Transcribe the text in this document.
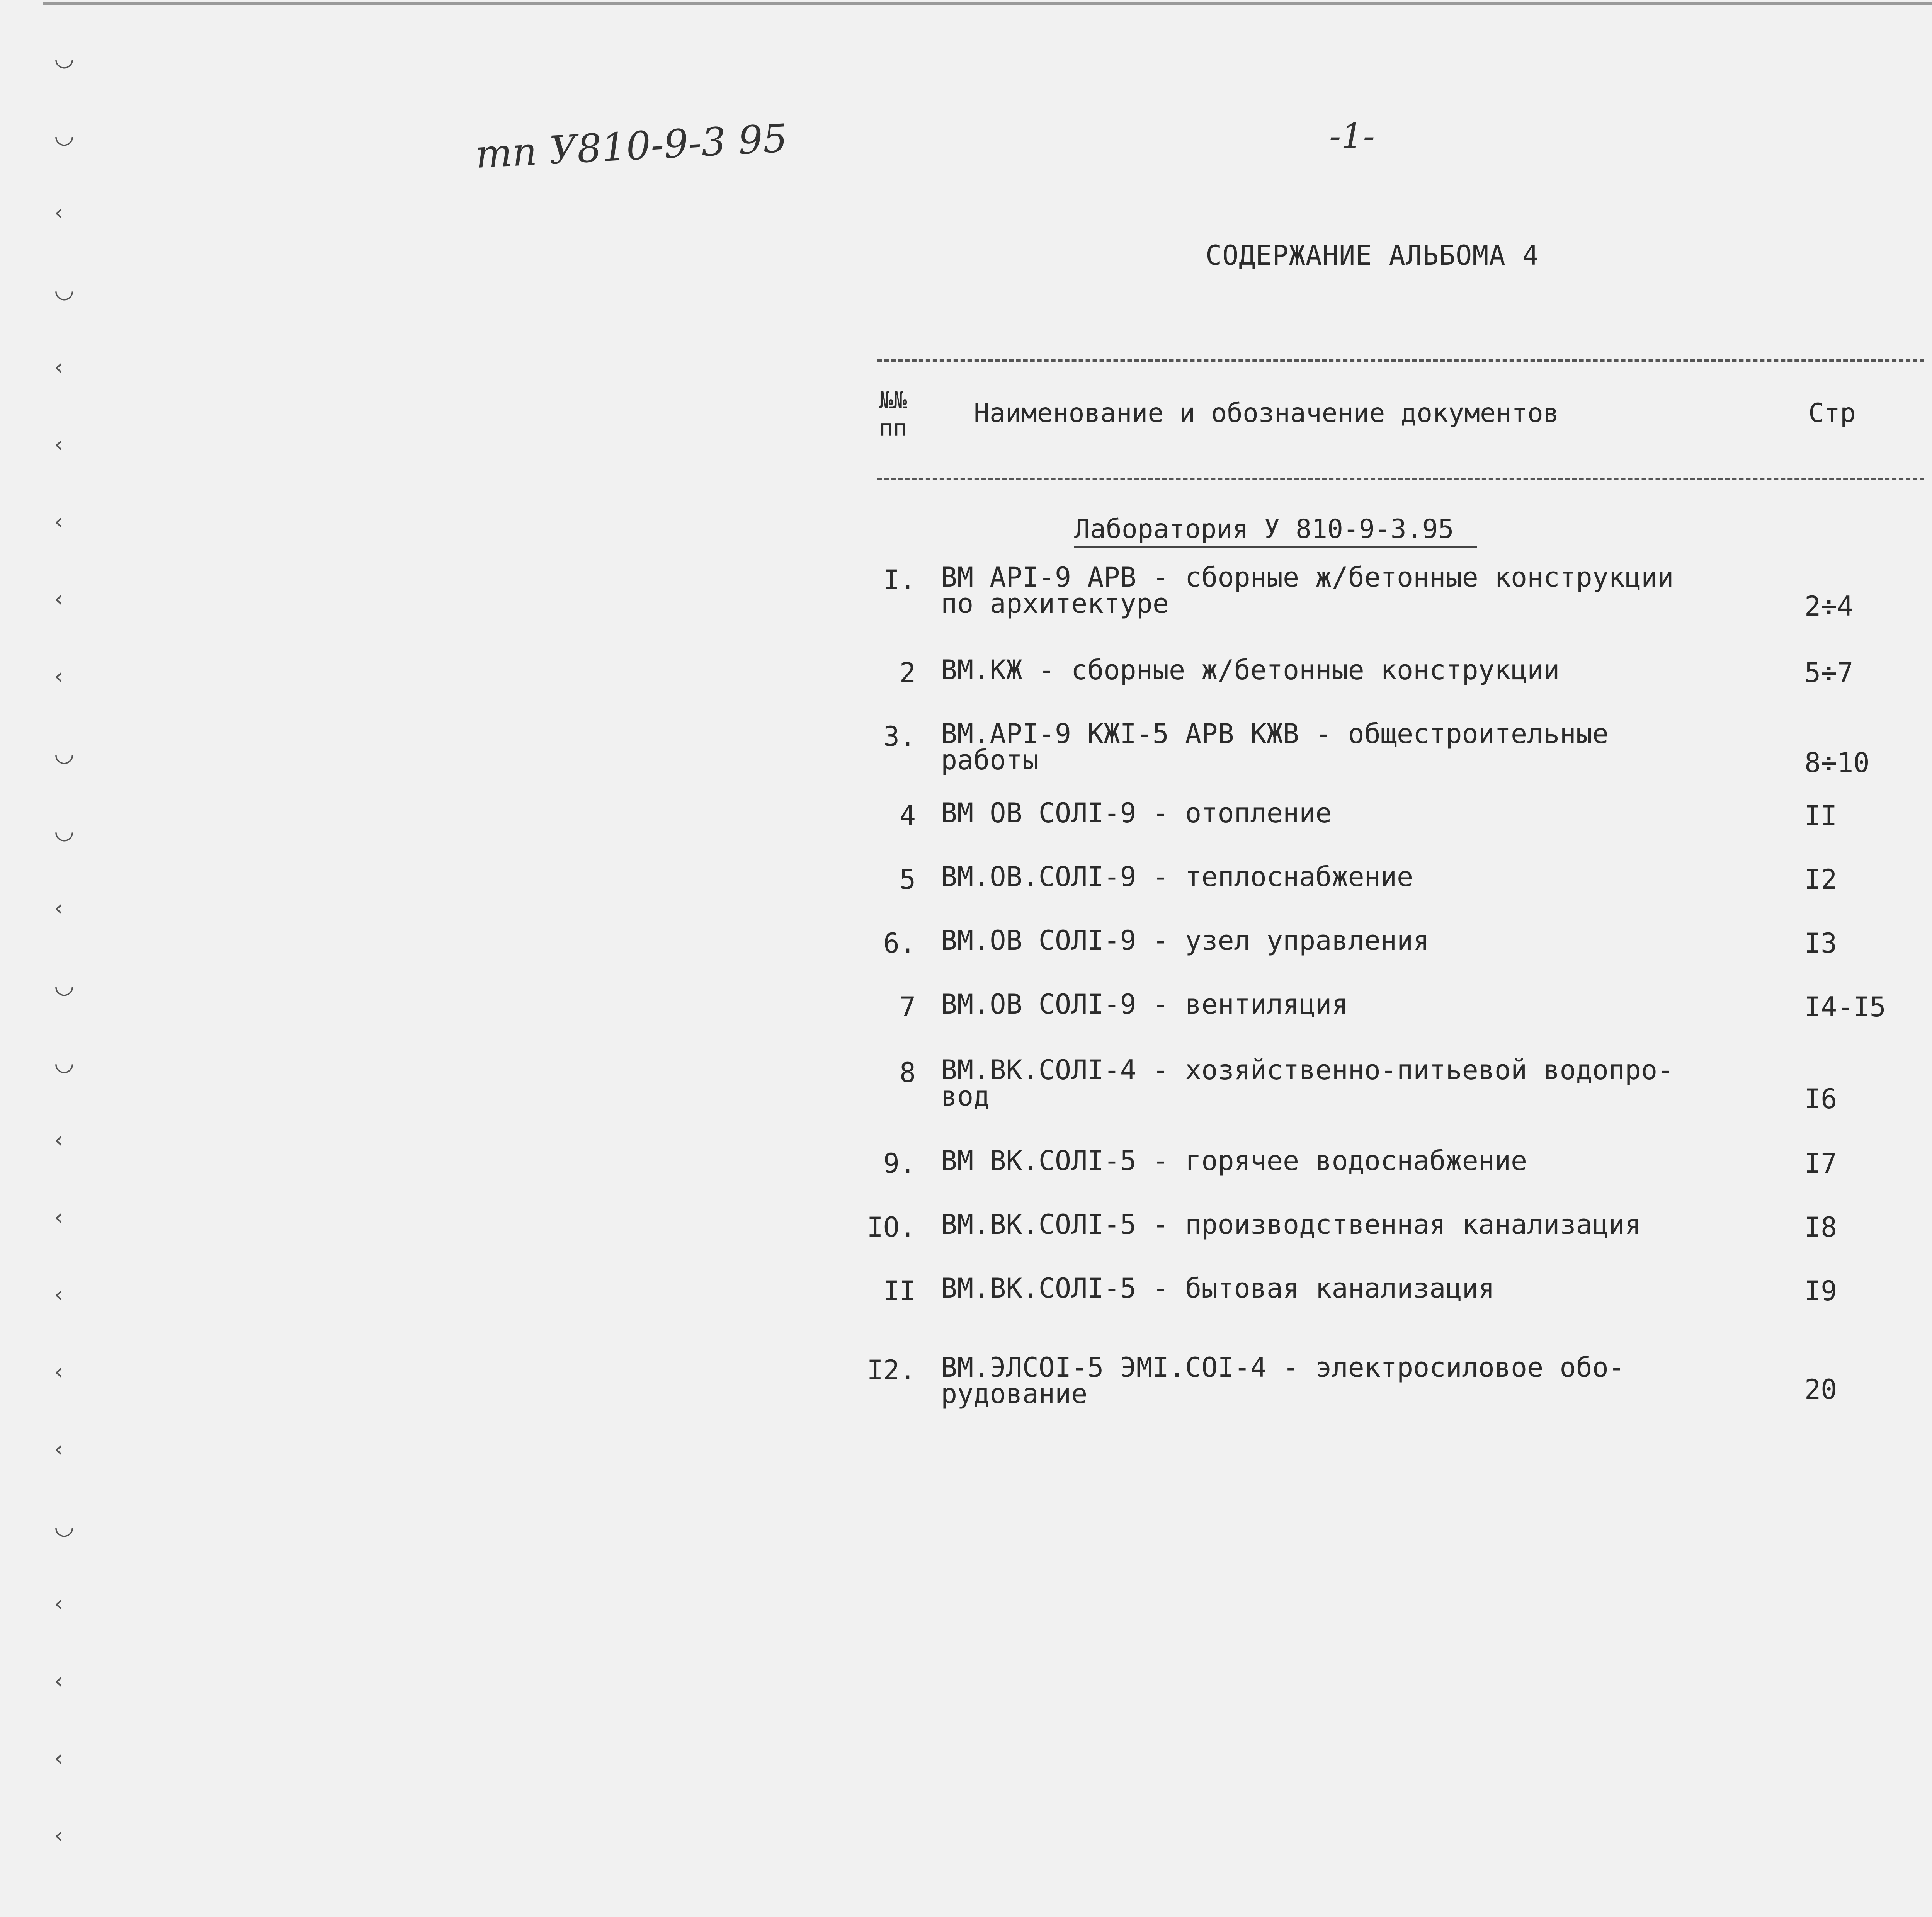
◡
◡
‹
◡
‹
‹
‹
‹
‹
◡
◡
‹
◡
◡
‹
‹
‹
‹
‹
◡
‹
‹
‹
‹
тп У810-9-3 95	-1-
СОДЕРЖАНИЕ АЛЬБОМА 4
№№ пп	Наименование и обозначение документов	Стр
Лаборатория У 810-9-3.95
I. ВМ АРI-9 АРВ - сборные ж/бетонные конструкции
по архитектуре	2÷4
2 ВМ.КЖ - сборные ж/бетонные конструкции	5÷7
3. ВМ.АРI-9 КЖI-5 АРВ КЖВ - общестроительные
работы	8÷10
4 ВМ ОВ СОЛI-9 - отопление	II
5 ВМ.ОВ.СОЛI-9 - теплоснабжение	I2
6. ВМ.ОВ СОЛI-9 - узел управления	I3
7 ВМ.ОВ СОЛI-9 - вентиляция	I4-I5
8 ВМ.ВК.СОЛI-4 - хозяйственно-питьевой водопро-
вод	I6
9. ВМ ВК.СОЛI-5 - горячее водоснабжение	I7
IO. ВМ.ВК.СОЛI-5 - производственная канализация	I8
II ВМ.ВК.СОЛI-5 - бытовая канализация	I9
I2. ВМ.ЭЛСОI-5 ЭМI.СОI-4 - электросиловое обо-
рудование	20
